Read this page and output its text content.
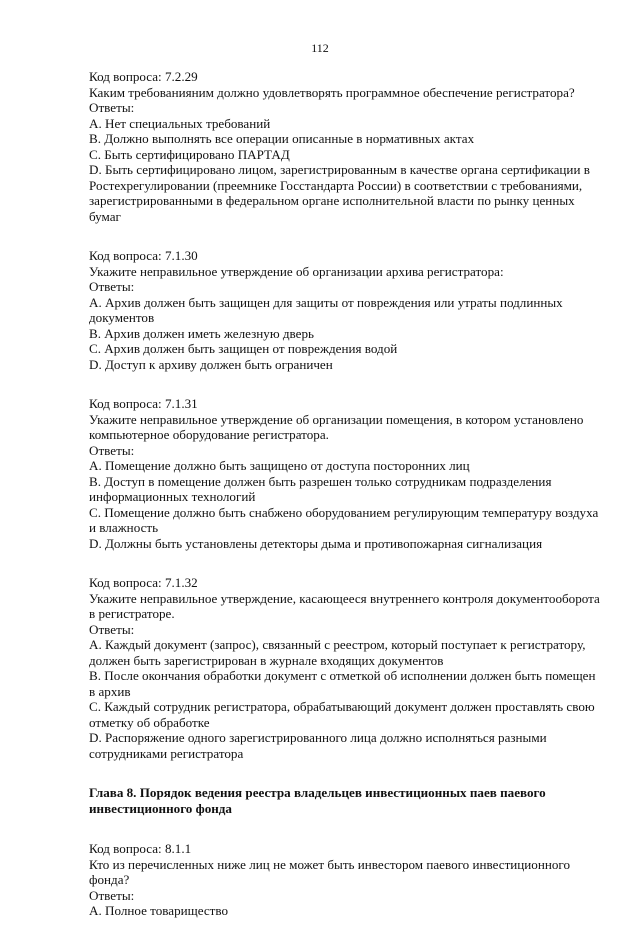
112
Код вопроса: 7.2.29
Каким требованияним должно удовлетворять программное обеспечение регистратора?
Ответы:
A. Нет специальных требований
B. Должно выполнять все операции описанные в нормативных актах
C. Быть сертифицировано ПАРТАД
D. Быть сертифицировано лицом, зарегистрированным в качестве органа сертификации в
Ростехрегулировании (преемнике Госстандарта России) в соответствии с требованиями,
зарегистрированными в федеральном органе исполнительной власти по рынку ценных
бумаг
Код вопроса: 7.1.30
Укажите неправильное утверждение об организации архива регистратора:
Ответы:
A. Архив должен быть защищен для защиты от повреждения или утраты подлинных
документов
B. Архив должен иметь железную дверь
C. Архив должен быть защищен от повреждения водой
D. Доступ к архиву должен быть ограничен
Код вопроса: 7.1.31
Укажите неправильное утверждение об организации помещения, в котором установлено
компьютерное оборудование регистратора.
Ответы:
A. Помещение должно быть защищено от доступа посторонних лиц
B. Доступ в помещение должен быть разрешен только сотрудникам подразделения
информационных технологий
C. Помещение должно быть снабжено оборудованием регулирующим температуру воздуха
и влажность
D. Должны быть установлены детекторы дыма и противопожарная сигнализация
Код вопроса: 7.1.32
Укажите неправильное утверждение, касающееся внутреннего контроля документооборота
в регистраторе.
Ответы:
A. Каждый документ (запрос), связанный с реестром, который поступает к регистратору,
должен быть зарегистрирован в журнале входящих документов
B. После окончания обработки документ с отметкой об исполнении должен быть помещен
в архив
C. Каждый сотрудник регистратора, обрабатывающий документ должен проставлять свою
отметку об обработке
D. Распоряжение одного зарегистрированного лица должно исполняться разными
сотрудниками регистратора
Глава 8. Порядок ведения реестра владельцев инвестиционных паев паевого
инвестиционного фонда
Код вопроса: 8.1.1
Кто из перечисленных ниже лиц не может быть инвестором паевого инвестиционного
фонда?
Ответы:
A. Полное товарищество
